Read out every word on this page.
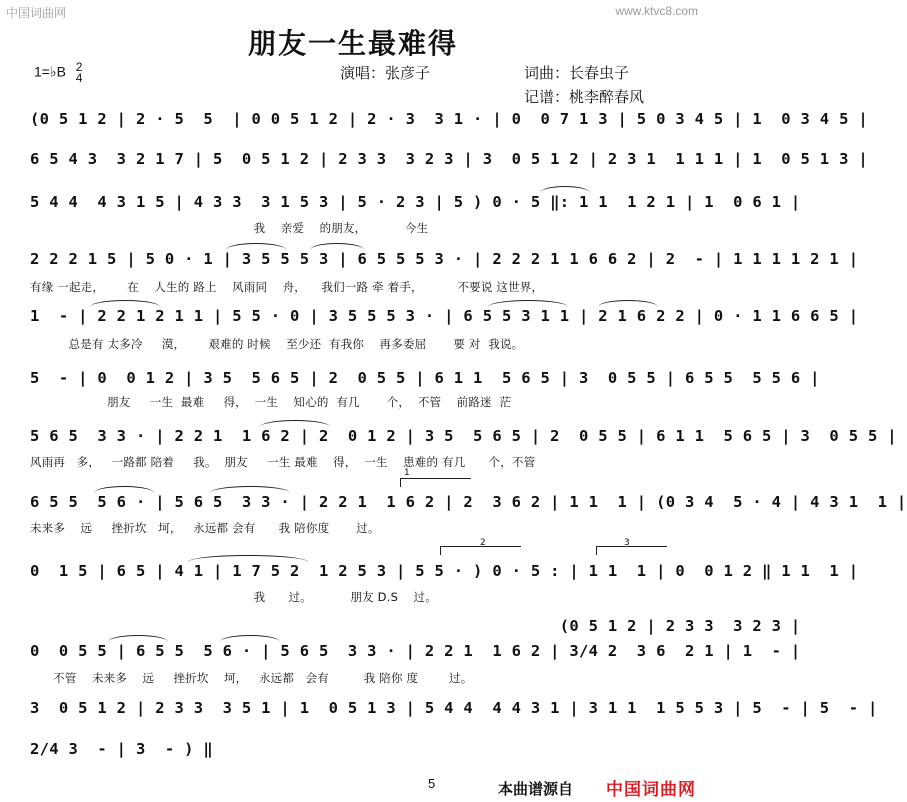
中国词曲网	www.ktvc8.com
朋友一生最难得
1=♭B 2
4	演唱：张彦子	词曲：长春虫子
记谱：桃李醉春风
(0 5 1 2 | 2 · 5  5  | 0 0 5 1 2 | 2 · 3  3 1 · | 0  0 7 1 3 | 5 0 3 4 5 | 1  0 3 4 5 |
6 5 4 3  3 2 1 7 | 5  0 5 1 2 | 2 3 3  3 2 3 | 3  0 5 1 2 | 2 3 1  1 1 1 | 1  0 5 1 3 |
5 4 4  4 3 1 5 | 4 3 3  3 1 5 3 | 5 · 2 3 | 5 ) 0 · 5 ‖: 1 1  1 2 1 | 1  0 6 1 |
我    亲爱    的朋友，          今生
2 2 2 1 5 | 5 0 · 1 | 3 5 5 5 3 | 6 5 5 5 3 · | 2 2 2 1 1 6 6 2 | 2  - | 1 1 1 1 2 1 |
有缘 一起走，      在    人生的 路上    风雨同    舟，    我们一路 牵 着手，         不要说 这世界，
1  - | 2 2 1 2 1 1 | 5 5 · 0 | 3 5 5 5 3 · | 6 5 5 3 1 1 | 2 1 6 2 2 | 0 · 1 1 6 6 5 |
总是有 太多冷     漠，      艰难的 时候    至少还  有我你    再多委屈       要 对  我说。
5  - | 0  0 1 2 | 3 5  5 6 5 | 2  0 5 5 | 6 1 1  5 6 5 | 3  0 5 5 | 6 5 5  5 5 6 |
朋友     一生  最难     得，  一生    知心的  有几       个，  不管    前路迷  茫
5 6 5  3 3 · | 2 2 1  1 6 2 | 2  0 1 2 | 3 5  5 6 5 | 2  0 5 5 | 6 1 1  5 6 5 | 3  0 5 5 |
风雨再   多，   一路都 陪着     我。  朋友     一生 最难    得，  一生    患难的 有几      个，不管
6 5 5  5 6 · | 5 6 5  3 3 · | 2 2 1  1 6 2 | 2  3 6 2 | 1 1  1 | (0 3 4  5 · 4 | 4 3 1  1 |
未来多    远     挫折坎   坷，   永远都 会有      我 陪你度       过。
0  1 5 | 6 5 | 4 1 | 1 7 5 2  1 2 5 3 | 5 5 · ) 0 · 5 : | 1 1  1 | 0  0 1 2 ‖ 1 1  1 |
我      过。          朋友 D.S    过。
(0 5 1 2 | 2 3 3  3 2 3 |
0  0 5 5 | 6 5 5  5 6 · | 5 6 5  3 3 · | 2 2 1  1 6 2 | 3/4 2  3 6  2 1 | 1  - |
不管    未来多    远     挫折坎    坷，   永远都   会有         我 陪你 度        过。
3  0 5 1 2 | 2 3 3  3 5 1 | 1  0 5 1 3 | 5 4 4  4 4 3 1 | 3 1 1  1 5 5 3 | 5  - | 5  - |
2/4 3  - | 3  - ) ‖
1
2	3
5	本曲谱源自 中国词曲网
